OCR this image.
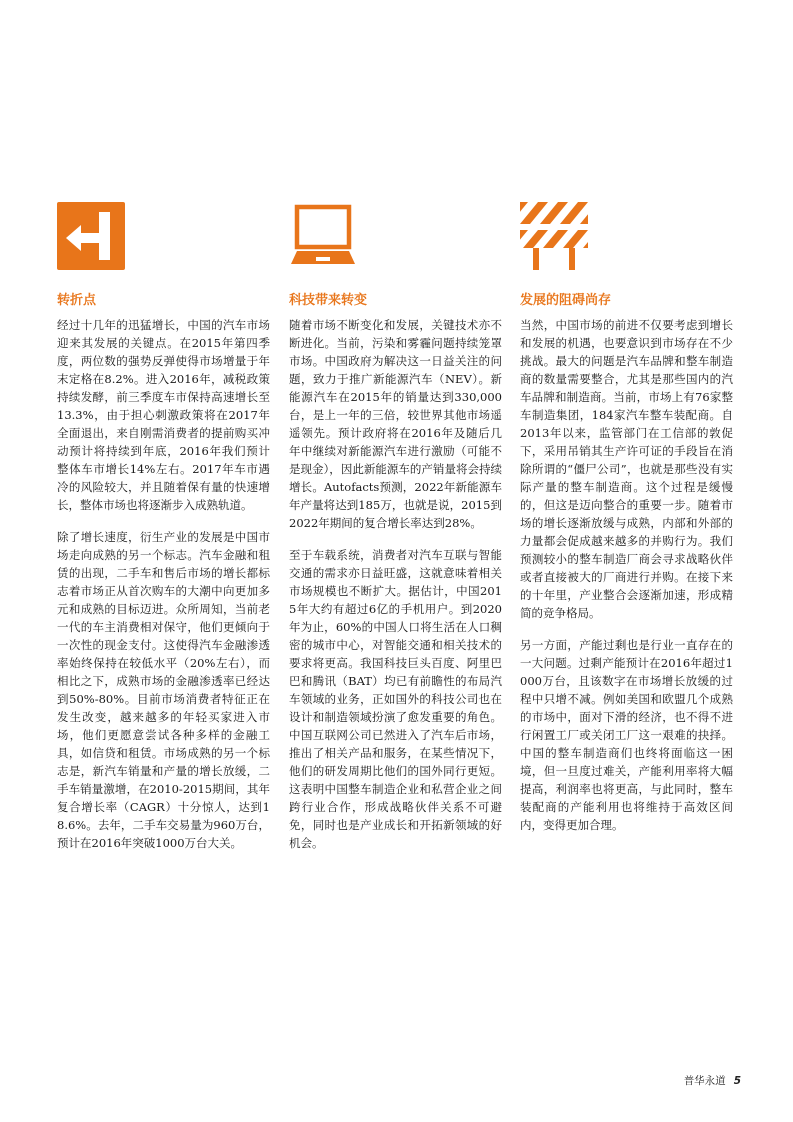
转折点

经过十几年的迅猛增长，中国的汽车市场迎来其发展的关键点。在2015年第四季度，两位数的强势反弹使得市场增量于年末定格在8.2%。进入2016年，减税政策持续发酵，前三季度车市保持高速增长至13.3%，由于担心刺激政策将在2017年全面退出，来自刚需消费者的提前购买冲动预计将持续到年底，2016年我们预计整体车市增长14%左右。2017年车市遇冷的风险较大，并且随着保有量的快速增长，整体市场也将逐渐步入成熟轨道。

除了增长速度，衍生产业的发展是中国市场走向成熟的另一个标志。汽车金融和租赁的出现，二手车和售后市场的增长都标志着市场正从首次购车的大潮中向更加多元和成熟的目标迈进。众所周知，当前老一代的车主消费相对保守，他们更倾向于一次性的现金支付。这使得汽车金融渗透率始终保持在较低水平（20%左右），而相比之下，成熟市场的金融渗透率已经达到50%-80%。目前市场消费者特征正在发生改变，越来越多的年轻买家进入市场，他们更愿意尝试各种多样的金融工具，如信贷和租赁。市场成熟的另一个标志是，新汽车销量和产量的增长放缓，二手车销量激增，在2010-2015期间，其年复合增长率（CAGR）十分惊人，达到18.6%。去年，二手车交易量为960万台，预计在2016年突破1000万台大关。

科技带来转变

随着市场不断变化和发展，关键技术亦不断进化。当前，污染和雾霾问题持续笼罩市场。中国政府为解决这一日益关注的问题，致力于推广新能源汽车（NEV）。新能源汽车在2015年的销量达到330,000台，是上一年的三倍，较世界其他市场遥遥领先。预计政府将在2016年及随后几年中继续对新能源汽车进行激励（可能不是现金），因此新能源车的产销量将会持续增长。Autofacts预测，2022年新能源车年产量将达到185万，也就是说，2015到2022年期间的复合增长率达到28%。

至于车载系统，消费者对汽车互联与智能交通的需求亦日益旺盛，这就意味着相关市场规模也不断扩大。据估计，中国2015年大约有超过6亿的手机用户。到2020年为止，60%的中国人口将生活在人口稠密的城市中心，对智能交通和相关技术的要求将更高。我国科技巨头百度、阿里巴巴和腾讯（BAT）均已有前瞻性的布局汽车领域的业务，正如国外的科技公司也在设计和制造领域扮演了愈发重要的角色。中国互联网公司已然进入了汽车后市场，推出了相关产品和服务，在某些情况下，他们的研发周期比他们的国外同行更短。这表明中国整车制造企业和私营企业之间跨行业合作，形成战略伙伴关系不可避免，同时也是产业成长和开拓新领域的好机会。

发展的阻碍尚存

当然，中国市场的前进不仅要考虑到增长和发展的机遇，也要意识到市场存在不少挑战。最大的问题是汽车品牌和整车制造商的数量需要整合，尤其是那些国内的汽车品牌和制造商。当前，市场上有76家整车制造集团，184家汽车整车装配商。自2013年以来，监管部门在工信部的敦促下，采用吊销其生产许可证的手段旨在消除所谓的“僵尸公司”，也就是那些没有实际产量的整车制造商。这个过程是缓慢的，但这是迈向整合的重要一步。随着市场的增长逐渐放缓与成熟，内部和外部的力量都会促成越来越多的并购行为。我们预测较小的整车制造厂商会寻求战略伙伴或者直接被大的厂商进行并购。在接下来的十年里，产业整合会逐渐加速，形成精简的竞争格局。

另一方面，产能过剩也是行业一直存在的一大问题。过剩产能预计在2016年超过1000万台，且该数字在市场增长放缓的过程中只增不减。例如美国和欧盟几个成熟的市场中，面对下滑的经济，也不得不进行闲置工厂或关闭工厂这一艰难的抉择。中国的整车制造商们也终将面临这一困境，但一旦度过难关，产能利用率将大幅提高，利润率也将更高，与此同时，整车装配商的产能利用也将维持于高效区间内，变得更加合理。

普华永道 5
